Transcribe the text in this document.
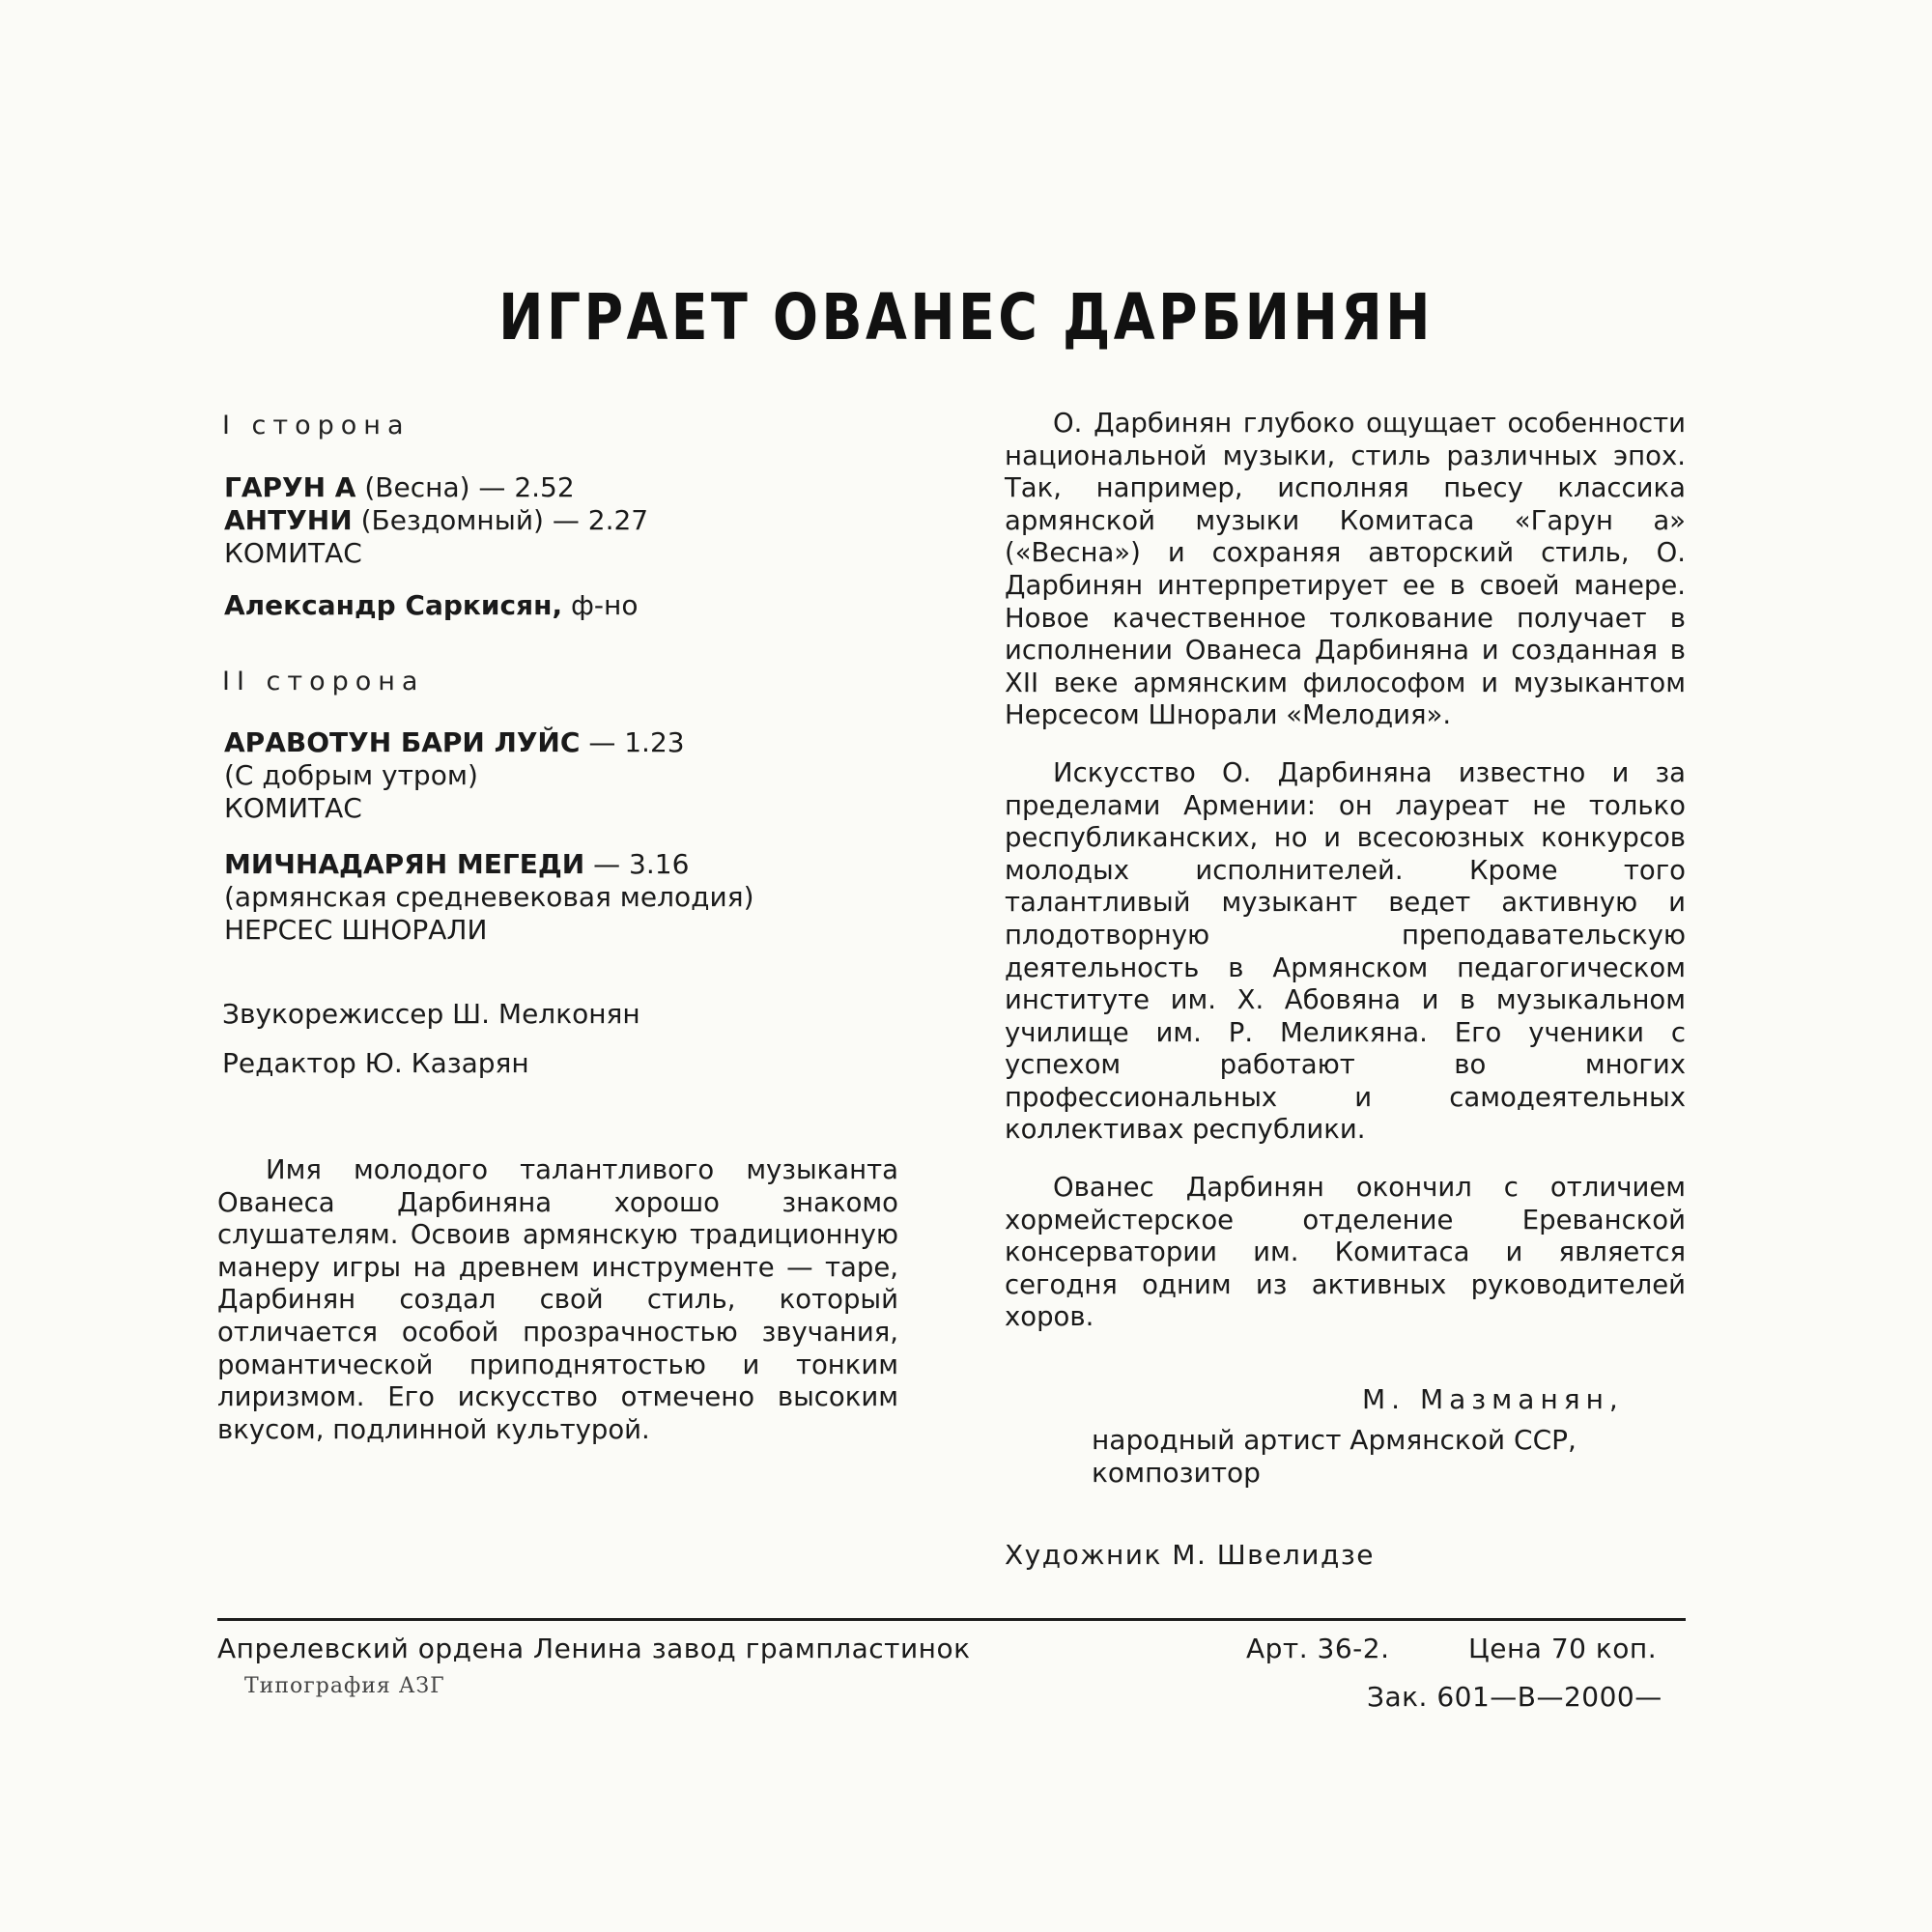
ИГРАЕТ ОВАНЕС ДАРБИНЯН
I сторона
ГАРУН А (Весна) — 2.52
АНТУНИ (Бездомный) — 2.27
КОМИТАС
Александр Саркисян, ф-но
II сторона
АРАВОТУН БАРИ ЛУЙС — 1.23
(С добрым утром)
КОМИТАС
МИЧНАДАРЯН МЕГЕДИ — 3.16
(армянская средневековая мелодия)
НЕРСЕС ШНОРАЛИ
Звукорежиссер Ш. Мелконян
Редактор Ю. Казарян

Имя молодого талантливого музыканта Ованеса Дарбиняна хорошо знакомо слушателям. Освоив армянскую традиционную манеру игры на древнем инструменте — таре, Дарбинян создал свой стиль, который отличается особой прозрачностью звучания, романтической приподнятостью и тонким лиризмом. Его искусство отмечено высоким вкусом, подлинной культурой.

О. Дарбинян глубоко ощущает особенности национальной музыки, стиль различных эпох. Так, например, исполняя пьесу классика армянской музыки Комитаса «Гарун а» («Весна») и сохраняя авторский стиль, О. Дарбинян интерпретирует ее в своей манере. Новое качественное толкование получает в исполнении Ованеса Дарбиняна и созданная в XII веке армянским философом и музыкантом Нерсесом Шнорали «Мелодия».

Искусство О. Дарбиняна известно и за пределами Армении: он лауреат не только республиканских, но и всесоюзных конкурсов молодых исполнителей. Кроме того талантливый музыкант ведет активную и плодотворную преподавательскую деятельность в Армянском педагогическом институте им. Х. Абовяна и в музыкальном училище им. Р. Меликяна. Его ученики с успехом работают во многих профессиональных и самодеятельных коллективах республики.

Ованес Дарбинян окончил с отличием хормейстерское отделение Ереванской консерватории им. Комитаса и является сегодня одним из активных руководителей хоров.

М. Мазманян,
народный артист Армянской ССР,
композитор
Художник М. Швелидзе
Апрелевский ордена Ленина завод грампластинок	Арт. 36-2.	Цена 70 коп.
Типография АЗГ	Зак. 601—В—2000—
